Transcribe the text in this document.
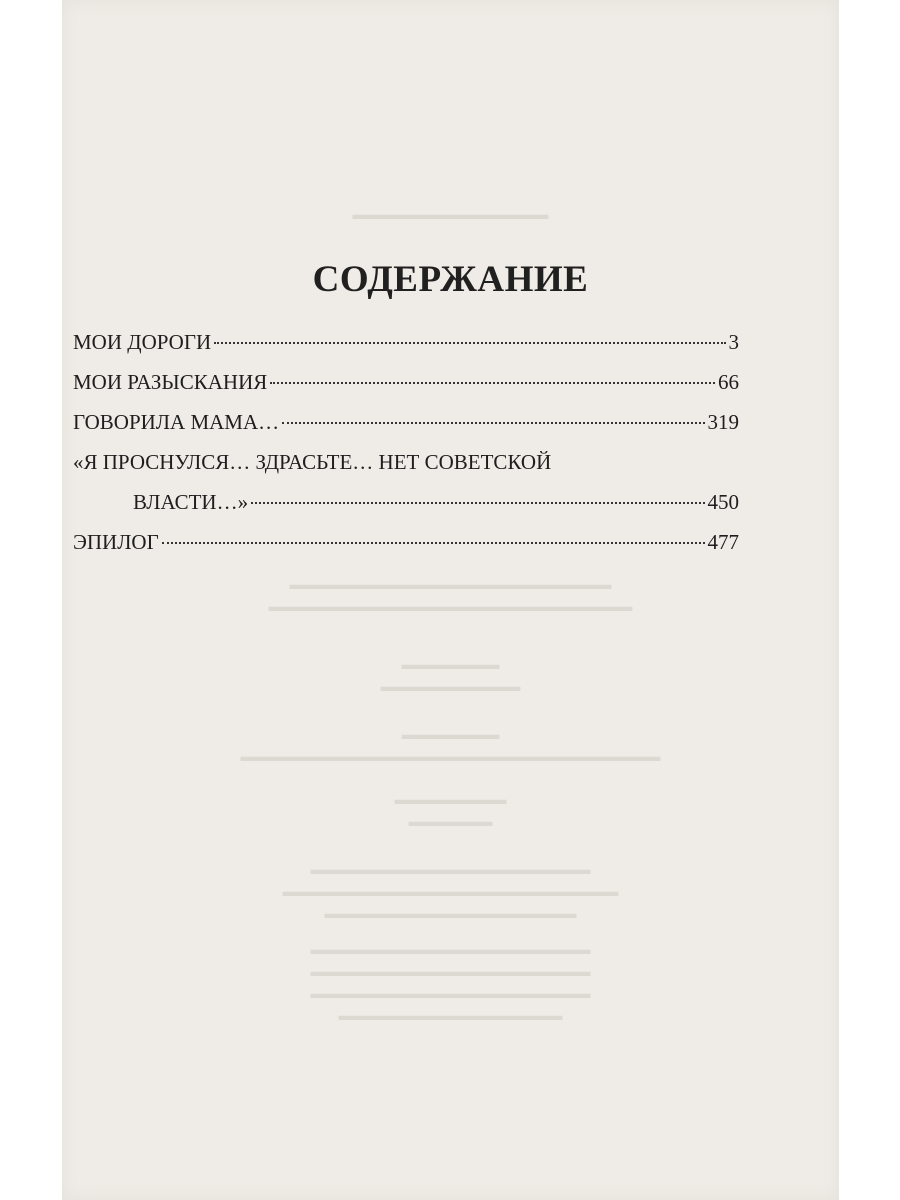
▬▬▬▬▬▬▬▬▬▬▬▬▬▬
▬▬▬▬▬▬▬▬▬▬▬▬▬▬▬▬▬▬▬▬▬▬▬
▬▬▬▬▬▬▬▬▬▬▬▬▬▬▬▬▬▬▬▬▬▬▬▬▬▬
▬▬▬▬▬▬▬
▬▬▬▬▬▬▬▬▬▬
▬▬▬▬▬▬▬
▬▬▬▬▬▬▬▬▬▬▬▬▬▬▬▬▬▬▬▬▬▬▬▬▬▬▬▬▬▬
▬▬▬▬▬▬▬▬
▬▬▬▬▬▬
▬▬▬▬▬▬▬▬▬▬▬▬▬▬▬▬▬▬▬▬
▬▬▬▬▬▬▬▬▬▬▬▬▬▬▬▬▬▬▬▬▬▬▬▬
▬▬▬▬▬▬▬▬▬▬▬▬▬▬▬▬▬▬
▬▬▬▬▬▬▬▬▬▬▬▬▬▬▬▬▬▬▬▬
▬▬▬▬▬▬▬▬▬▬▬▬▬▬▬▬▬▬▬▬
▬▬▬▬▬▬▬▬▬▬▬▬▬▬▬▬▬▬▬▬
▬▬▬▬▬▬▬▬▬▬▬▬▬▬▬▬
СОДЕРЖАНИЕ
МОИ ДОРОГИ	3
МОИ РАЗЫСКАНИЯ	66
ГОВОРИЛА МАМА…	319
«Я ПРОСНУЛСЯ… ЗДРАСЬТЕ… НЕТ СОВЕТСКОЙ
ВЛАСТИ…»	450
ЭПИЛОГ	477
